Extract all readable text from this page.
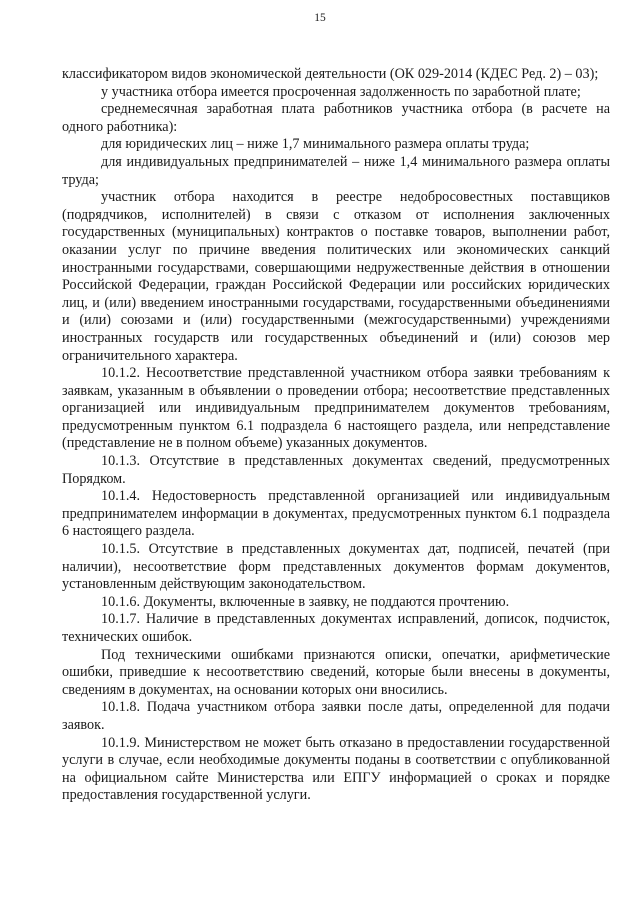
15

классификатором видов экономической деятельности (ОК 029-2014 (КДЕС Ред. 2) – 03);

у участника отбора имеется просроченная задолженность по заработной плате;

среднемесячная заработная плата работников участника отбора (в расчете на одного работника):

для юридических лиц – ниже 1,7 минимального размера оплаты труда;

для индивидуальных предпринимателей – ниже 1,4 минимального размера оплаты труда;

участник отбора находится в реестре недобросовестных поставщиков (подрядчиков, исполнителей) в связи с отказом от исполнения заключенных государственных (муниципальных) контрактов о поставке товаров, выполнении работ, оказании услуг по причине введения политических или экономических санкций иностранными государствами, совершающими недружественные действия в отношении Российской Федерации, граждан Российской Федерации или российских юридических лиц, и (или) введением иностранными государствами, государственными объединениями и (или) союзами и (или) государственными (межгосударственными) учреждениями иностранных государств или государственных объединений и (или) союзов мер ограничительного характера.

10.1.2. Несоответствие представленной участником отбора заявки требованиям к заявкам, указанным в объявлении о проведении отбора; несоответствие представленных организацией или индивидуальным предпринимателем документов требованиям, предусмотренным пунктом 6.1 подраздела 6 настоящего раздела, или непредставление (представление не в полном объеме) указанных документов.

10.1.3. Отсутствие в представленных документах сведений, предусмотренных Порядком.

10.1.4. Недостоверность представленной организацией или индивидуальным предпринимателем информации в документах, предусмотренных пунктом 6.1 подраздела 6 настоящего раздела.

10.1.5. Отсутствие в представленных документах дат, подписей, печатей (при наличии), несоответствие форм представленных документов формам документов, установленным действующим законодательством.

10.1.6. Документы, включенные в заявку, не поддаются прочтению.

10.1.7. Наличие в представленных документах исправлений, дописок, подчисток, технических ошибок.

Под техническими ошибками признаются описки, опечатки, арифметические ошибки, приведшие к несоответствию сведений, которые были внесены в документы, сведениям в документах, на основании которых они вносились.

10.1.8. Подача участником отбора заявки после даты, определенной для подачи заявок.

10.1.9. Министерством не может быть отказано в предоставлении государственной услуги в случае, если необходимые документы поданы в соответствии с опубликованной на официальном сайте Министерства или ЕПГУ информацией о сроках и порядке предоставления государственной услуги.
